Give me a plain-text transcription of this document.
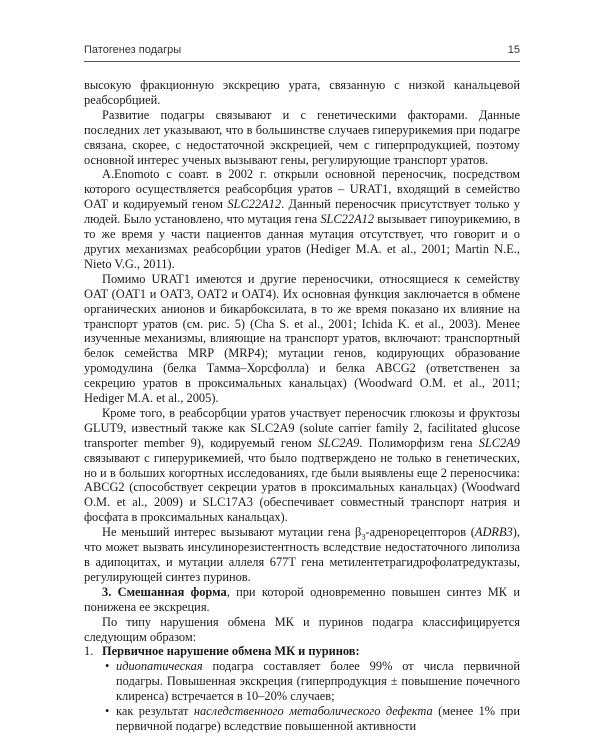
Патогенез подагры	15

высокую фракционную экскрецию урата, связанную с низкой канальцевой реабсорбцией.

Развитие подагры связывают и с генетическими факторами. Данные последних лет указывают, что в большинстве случаев гиперурикемия при подагре связана, скорее, с недостаточной экскрецией, чем с гиперпродукцией, поэтому основной интерес ученых вызывают гены, регулирующие транспорт уратов.

A.Enomoto с соавт. в 2002 г. открыли основной переносчик, посредством которого осуществляется реабсорбция уратов – URAT1, входящий в семейство OAT и кодируемый геном SLC22A12. Данный переносчик присутствует только у людей. Было установлено, что мутация гена SLC22A12 вызывает гипоурикемию, в то же время у части пациентов данная мутация отсутствует, что говорит и о других механизмах реабсорбции уратов (Hediger M.A. et al., 2001; Martin N.E., Nieto V.G., 2011).

Помимо URAT1 имеются и другие переносчики, относящиеся к семейству OAT (OAT1 и OAT3, OAT2 и OAT4). Их основная функция заключается в обмене органических анионов и бикарбоксилата, в то же время показано их влияние на транспорт уратов (см. рис. 5) (Cha S. et al., 2001; Ichida K. et al., 2003). Менее изученные механизмы, влияющие на транспорт уратов, включают: транспортный белок семейства MRP (MRP4); мутации генов, кодирующих образование уромодулина (белка Тамма–Хорсфолла) и белка ABCG2 (ответственен за секрецию уратов в проксимальных канальцах) (Woodward O.M. et al., 2011; Hediger M.A. et al., 2005).

Кроме того, в реабсорбции уратов участвует переносчик глюкозы и фруктозы GLUT9, известный также как SLC2A9 (solute carrier family 2, facilitated glucose transporter member 9), кодируемый геном SLC2A9. Полиморфизм гена SLC2A9 связывают с гиперурикемией, что было подтверждено не только в генетических, но и в больших когортных исследованиях, где были выявлены еще 2 переносчика: ABCG2 (способствует секреции уратов в проксимальных канальцах) (Woodward O.M. et al., 2009) и SLC17A3 (обеспечивает совместный транспорт натрия и фосфата в проксимальных канальцах).

Не меньший интерес вызывают мутации гена $\beta_3$-адренорецепторов (ADRB3), что может вызвать инсулинорезистентность вследствие недостаточного липолиза в адипоцитах, и мутации аллеля 677T гена метилентетрагидрофолатредуктазы, регулирующей синтез пуринов.

3. Смешанная форма, при которой одновременно повышен синтез МК и понижена ее экскреция.

По типу нарушения обмена МК и пуринов подагра классифицируется следующим образом:

1. Первичное нарушение обмена МК и пуринов:
• идиопатическая подагра составляет более 99% от числа первичной подагры. Повышенная экскреция (гиперпродукция ± повышение почечного клиренса) встречается в 10–20% случаев;
• как результат наследственного метаболического дефекта (менее 1% при первичной подагре) вследствие повышенной активности
